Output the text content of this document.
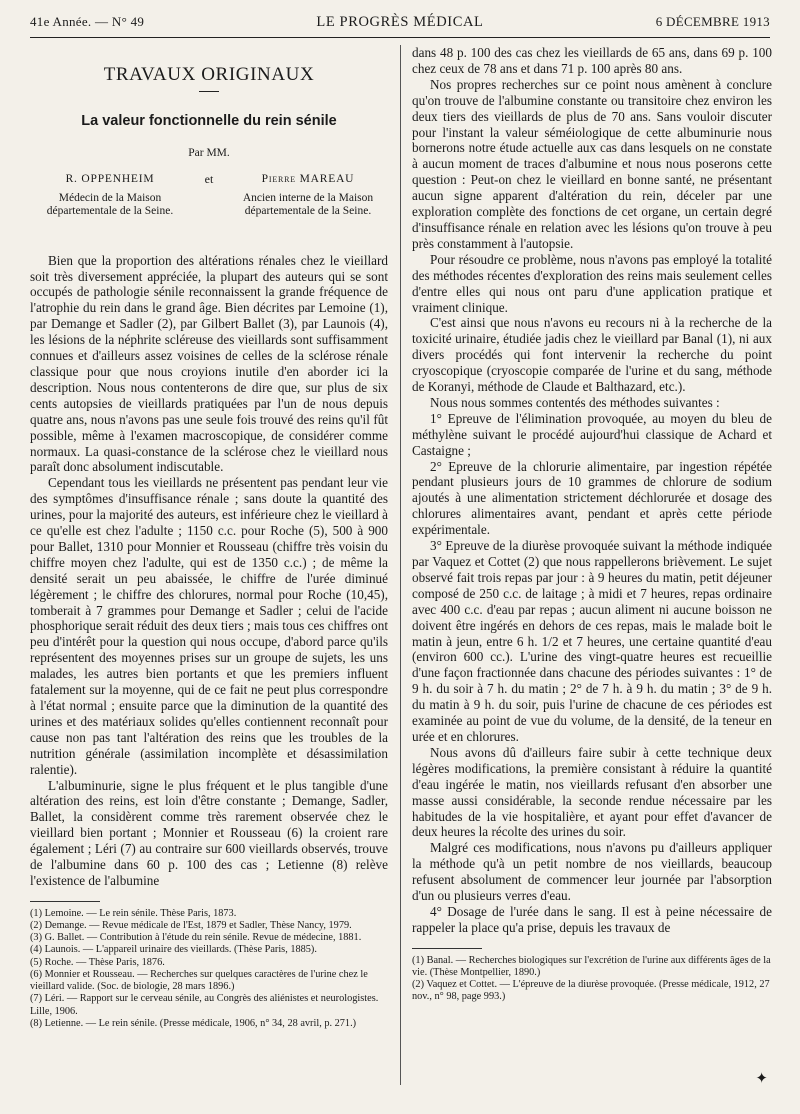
41e Année. — N° 49	LE PROGRÈS MÉDICAL	6 DÉCEMBRE 1913
TRAVAUX ORIGINAUX
La valeur fonctionnelle du rein sénile
Par MM.
R. OPPENHEIM
Médecin de la Maison départementale de la Seine.
et	Pierre MAREAU
Ancien interne de la Maison départementale de la Seine.

Bien que la proportion des altérations rénales chez le vieillard soit très diversement appréciée, la plupart des auteurs qui se sont occupés de pathologie sénile reconnaissent la grande fréquence de l'atrophie du rein dans le grand âge. Bien décrites par Lemoine (1), par Demange et Sadler (2), par Gilbert Ballet (3), par Launois (4), les lésions de la néphrite scléreuse des vieillards sont suffisamment connues et d'ailleurs assez voisines de celles de la sclérose rénale classique pour que nous croyions inutile d'en aborder ici la description. Nous nous contenterons de dire que, sur plus de six cents autopsies de vieillards pratiquées par l'un de nous depuis quatre ans, nous n'avons pas une seule fois trouvé des reins qu'il fût possible, même à l'examen macroscopique, de considérer comme normaux. La quasi-constance de la sclérose chez le vieillard nous paraît donc absolument indiscutable.

Cependant tous les vieillards ne présentent pas pendant leur vie des symptômes d'insuffisance rénale ; sans doute la quantité des urines, pour la majorité des auteurs, est inférieure chez le vieillard à ce qu'elle est chez l'adulte ; 1150 c.c. pour Roche (5), 500 à 900 pour Ballet, 1310 pour Monnier et Rousseau (chiffre très voisin du chiffre moyen chez l'adulte, qui est de 1350 c.c.) ; de même la densité serait un peu abaissée, le chiffre de l'urée diminué légèrement ; le chiffre des chlorures, normal pour Roche (10,45), tomberait à 7 grammes pour Demange et Sadler ; celui de l'acide phosphorique serait réduit des deux tiers ; mais tous ces chiffres ont peu d'intérêt pour la question qui nous occupe, d'abord parce qu'ils représentent des moyennes prises sur un groupe de sujets, les uns malades, les autres bien portants et que les premiers influent fatalement sur la moyenne, qui de ce fait ne peut plus correspondre à l'état normal ; ensuite parce que la diminution de la quantité des urines et des matériaux solides qu'elles contiennent reconnaît pour cause non pas tant l'altération des reins que les troubles de la nutrition générale (assimilation incomplète et désassimilation ralentie).

L'albuminurie, signe le plus fréquent et le plus tangible d'une altération des reins, est loin d'être constante ; Demange, Sadler, Ballet, la considèrent comme très rarement observée chez le vieillard bien portant ; Monnier et Rousseau (6) la croient rare également ; Léri (7) au contraire sur 600 vieillards observés, trouve de l'albumine dans 60 p. 100 des cas ; Letienne (8) relève l'existence de l'albumine

(1) Lemoine. — Le rein sénile. Thèse Paris, 1873.
(2) Demange. — Revue médicale de l'Est, 1879 et Sadler, Thèse Nancy, 1979.
(3) G. Ballet. — Contribution à l'étude du rein sénile. Revue de médecine, 1881.
(4) Launois. — L'appareil urinaire des vieillards. (Thèse Paris, 1885).
(5) Roche. — Thèse Paris, 1876.
(6) Monnier et Rousseau. — Recherches sur quelques caractères de l'urine chez le vieillard valide. (Soc. de biologie, 28 mars 1896.)
(7) Léri. — Rapport sur le cerveau sénile, au Congrès des aliénistes et neurologistes. Lille, 1906.
(8) Letienne. — Le rein sénile. (Presse médicale, 1906, n° 34, 28 avril, p. 271.)

dans 48 p. 100 des cas chez les vieillards de 65 ans, dans 69 p. 100 chez ceux de 78 ans et dans 71 p. 100 après 80 ans.

Nos propres recherches sur ce point nous amènent à conclure qu'on trouve de l'albumine constante ou transitoire chez environ les deux tiers des vieillards de plus de 70 ans. Sans vouloir discuter pour l'instant la valeur séméiologique de cette albuminurie nous bornerons notre étude actuelle aux cas dans lesquels on ne constate à aucun moment de traces d'albumine et nous nous poserons cette question : Peut-on chez le vieillard en bonne santé, ne présentant aucun signe apparent d'altération du rein, déceler par une exploration complète des fonctions de cet organe, un certain degré d'insuffisance rénale en relation avec les lésions qu'on trouve à peu près constamment à l'autopsie.

Pour résoudre ce problème, nous n'avons pas employé la totalité des méthodes récentes d'exploration des reins mais seulement celles d'entre elles qui nous ont paru d'une application pratique et vraiment clinique.

C'est ainsi que nous n'avons eu recours ni à la recherche de la toxicité urinaire, étudiée jadis chez le vieillard par Banal (1), ni aux divers procédés qui font intervenir la recherche du point cryoscopique (cryoscopie comparée de l'urine et du sang, méthode de Koranyi, méthode de Claude et Balthazard, etc.).

Nous nous sommes contentés des méthodes suivantes :

1° Epreuve de l'élimination provoquée, au moyen du bleu de méthylène suivant le procédé aujourd'hui classique de Achard et Castaigne ;

2° Epreuve de la chlorurie alimentaire, par ingestion répétée pendant plusieurs jours de 10 grammes de chlorure de sodium ajoutés à une alimentation strictement déchlorurée et dosage des chlorures alimentaires avant, pendant et après cette période expérimentale.

3° Epreuve de la diurèse provoquée suivant la méthode indiquée par Vaquez et Cottet (2) que nous rappellerons brièvement. Le sujet observé fait trois repas par jour : à 9 heures du matin, petit déjeuner composé de 250 c.c. de laitage ; à midi et 7 heures, repas ordinaire avec 400 c.c. d'eau par repas ; aucun aliment ni aucune boisson ne doivent être ingérés en dehors de ces repas, mais le malade boit le matin à jeun, entre 6 h. 1/2 et 7 heures, une certaine quantité d'eau (environ 600 cc.). L'urine des vingt-quatre heures est recueillie d'une façon fractionnée dans chacune des périodes suivantes : 1° de 9 h. du soir à 7 h. du matin ; 2° de 7 h. à 9 h. du matin ; 3° de 9 h. du matin à 9 h. du soir, puis l'urine de chacune de ces périodes est examinée au point de vue du volume, de la densité, de la teneur en urée et en chlorures.

Nous avons dû d'ailleurs faire subir à cette technique deux légères modifications, la première consistant à réduire la quantité d'eau ingérée le matin, nos vieillards refusant d'en absorber une masse aussi considérable, la seconde rendue nécessaire par les habitudes de la vie hospitalière, et ayant pour effet d'avancer de deux heures la récolte des urines du soir.

Malgré ces modifications, nous n'avons pu d'ailleurs appliquer la méthode qu'à un petit nombre de nos vieillards, beaucoup refusent absolument de commencer leur journée par l'absorption d'un ou plusieurs verres d'eau.

4° Dosage de l'urée dans le sang. Il est à peine nécessaire de rappeler la place qu'a prise, depuis les travaux de

(1) Banal. — Recherches biologiques sur l'excrétion de l'urine aux différents âges de la vie. (Thèse Montpellier, 1890.)
(2) Vaquez et Cottet. — L'épreuve de la diurèse provoquée. (Presse médicale, 1912, 27 nov., n° 98, page 993.)
✦
